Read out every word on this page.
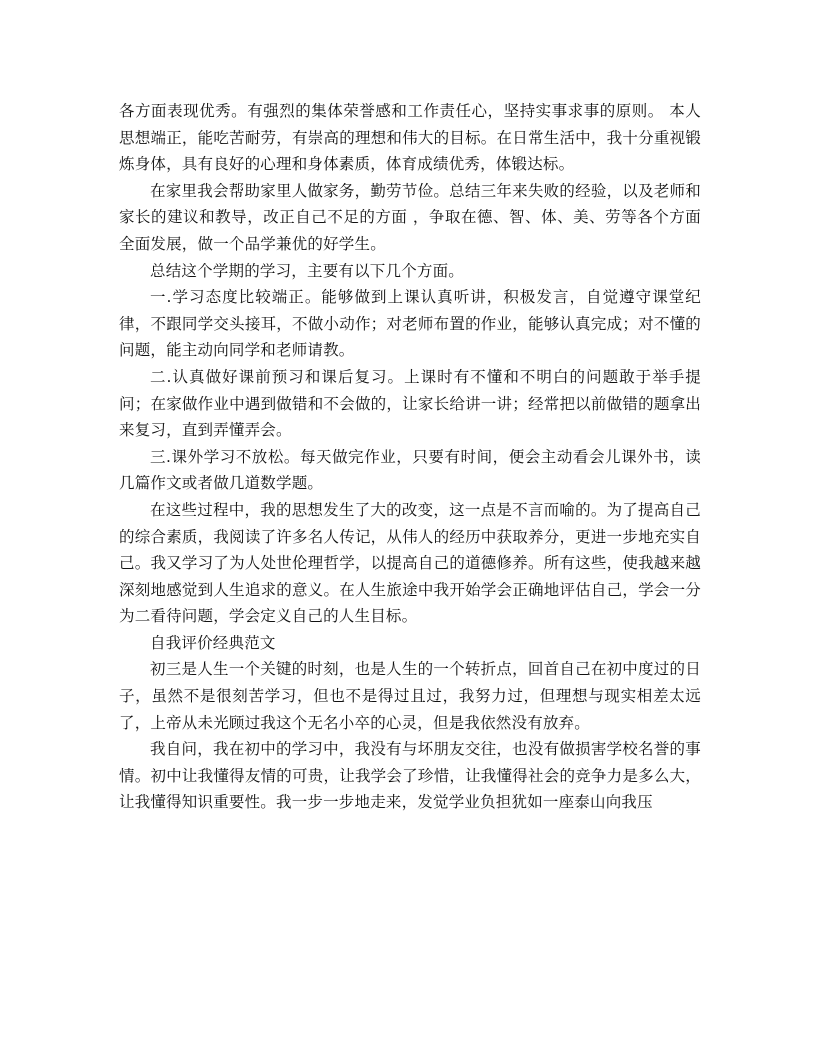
各方面表现优秀。有强烈的集体荣誉感和工作责任心，坚持实事求事的原则。 本人思想端正，能吃苦耐劳，有崇高的理想和伟大的目标。在日常生活中，我十分重视锻炼身体，具有良好的心理和身体素质，体育成绩优秀，体锻达标。

在家里我会帮助家里人做家务，勤劳节俭。总结三年来失败的经验，以及老师和家长的建议和教导，改正自己不足的方面 ，争取在德、智、体、美、劳等各个方面全面发展，做一个品学兼优的好学生。

总结这个学期的学习，主要有以下几个方面。

一.学习态度比较端正。能够做到上课认真听讲，积极发言，自觉遵守课堂纪律，不跟同学交头接耳，不做小动作；对老师布置的作业，能够认真完成；对不懂的问题，能主动向同学和老师请教。

二.认真做好课前预习和课后复习。上课时有不懂和不明白的问题敢于举手提问；在家做作业中遇到做错和不会做的，让家长给讲一讲；经常把以前做错的题拿出来复习，直到弄懂弄会。

三.课外学习不放松。每天做完作业，只要有时间，便会主动看会儿课外书，读几篇作文或者做几道数学题。

在这些过程中，我的思想发生了大的改变，这一点是不言而喻的。为了提高自己的综合素质，我阅读了许多名人传记，从伟人的经历中获取养分，更进一步地充实自己。我又学习了为人处世伦理哲学，以提高自己的道德修养。所有这些，使我越来越深刻地感觉到人生追求的意义。在人生旅途中我开始学会正确地评估自己，学会一分为二看待问题，学会定义自己的人生目标。

自我评价经典范文

初三是人生一个关键的时刻，也是人生的一个转折点，回首自己在初中度过的日子，虽然不是很刻苦学习，但也不是得过且过，我努力过，但理想与现实相差太远了，上帝从未光顾过我这个无名小卒的心灵，但是我依然没有放弃。

我自问，我在初中的学习中，我没有与坏朋友交往，也没有做损害学校名誉的事情。初中让我懂得友情的可贵，让我学会了珍惜，让我懂得社会的竞争力是多么大，让我懂得知识重要性。我一步一步地走来，发觉学业负担犹如一座泰山向我压
